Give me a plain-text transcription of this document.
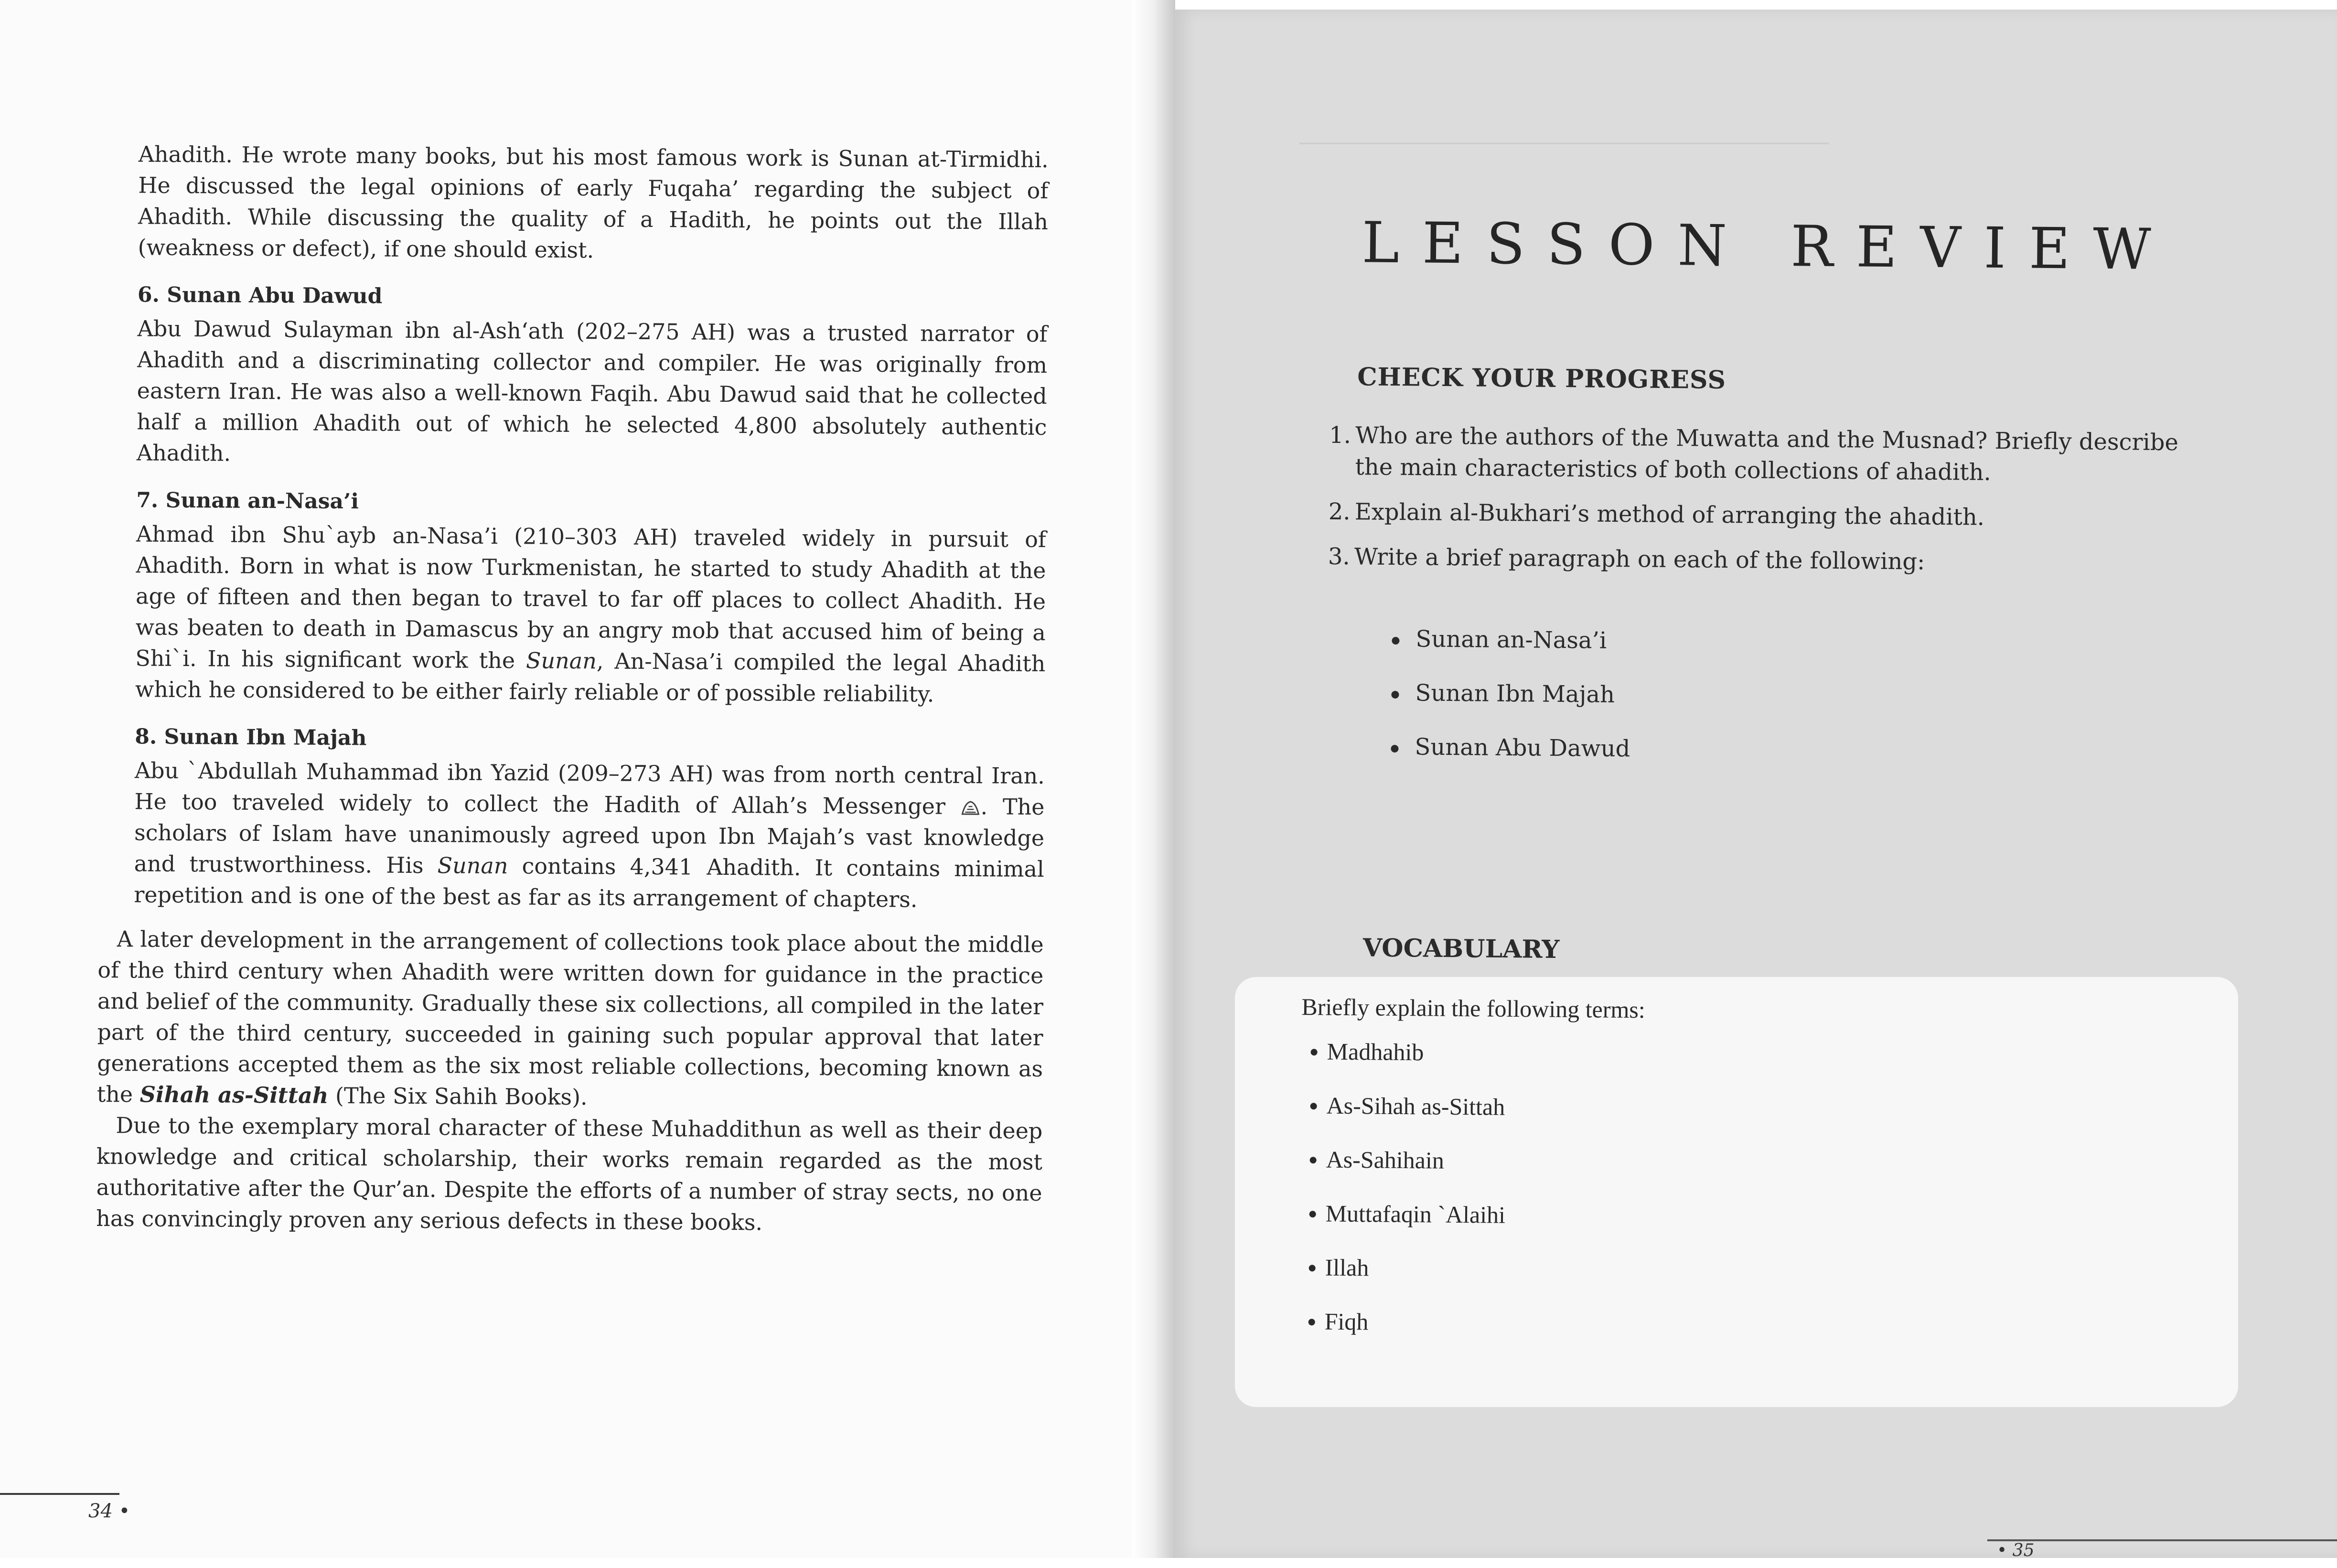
Ahadith. He wrote many books, but his most famous work is Sunan at-Tirmidhi. He discussed the legal opinions of early Fuqaha’ regarding the subject of Ahadith. While discussing the quality of a Hadith, he points out the Illah (weakness or defect), if one should exist.

6. Sunan Abu Dawud

Abu Dawud Sulayman ibn al-Ash‘ath (202–275 AH) was a trusted narrator of Ahadith and a discriminating collector and compiler. He was originally from eastern Iran. He was also a well-known Faqih. Abu Dawud said that he collected half a million Ahadith out of which he selected 4,800 absolutely authentic Ahadith.

7. Sunan an-Nasa’i

Ahmad ibn Shu`ayb an-Nasa’i (210–303 AH) traveled widely in pursuit of Ahadith. Born in what is now Turkmenistan, he started to study Ahadith at the age of fifteen and then began to travel to far off places to collect Ahadith. He was beaten to death in Damascus by an angry mob that accused him of being a Shi`i. In his significant work the Sunan, An-Nasa’i compiled the legal Ahadith which he considered to be either fairly reliable or of possible reliability.

8. Sunan Ibn Majah

Abu `Abdullah Muhammad ibn Yazid (209–273 AH) was from north central Iran. He too traveled widely to collect the Hadith of Allah’s Messenger . The scholars of Islam have unanimously agreed upon Ibn Majah’s vast knowledge and trustworthiness. His Sunan contains 4,341 Ahadith. It contains minimal repetition and is one of the best as far as its arrangement of chapters.

A later development in the arrangement of collections took place about the middle of the third century when Ahadith were written down for guidance in the practice and belief of the community. Gradually these six collections, all compiled in the later part of the third century, succeeded in gaining such popular approval that later generations accepted them as the six most reliable collections, becoming known as the Sihah as-Sittah (The Six Sahih Books).

Due to the exemplary moral character of these Muhaddithun as well as their deep knowledge and critical scholarship, their works remain regarded as the most authoritative after the Qur’an. Despite the efforts of a number of stray sects, no one has convincingly proven any serious defects in these books.

34 •
──────────────────────────────────────────────
LESSON REVIEW
CHECK YOUR PROGRESS
1. Who are the authors of the Muwatta and the Musnad? Briefly describe the main characteristics of both collections of ahadith.
2. Explain al-Bukhari’s method of arranging the ahadith.
3. Write a brief paragraph on each of the following:
Sunan an-Nasa’i
Sunan Ibn Majah
Sunan Abu Dawud
VOCABULARY
Briefly explain the following terms:
Madhahib
As-Sihah as-Sittah
As-Sahihain
Muttafaqin `Alaihi
Illah
Fiqh
• 35
